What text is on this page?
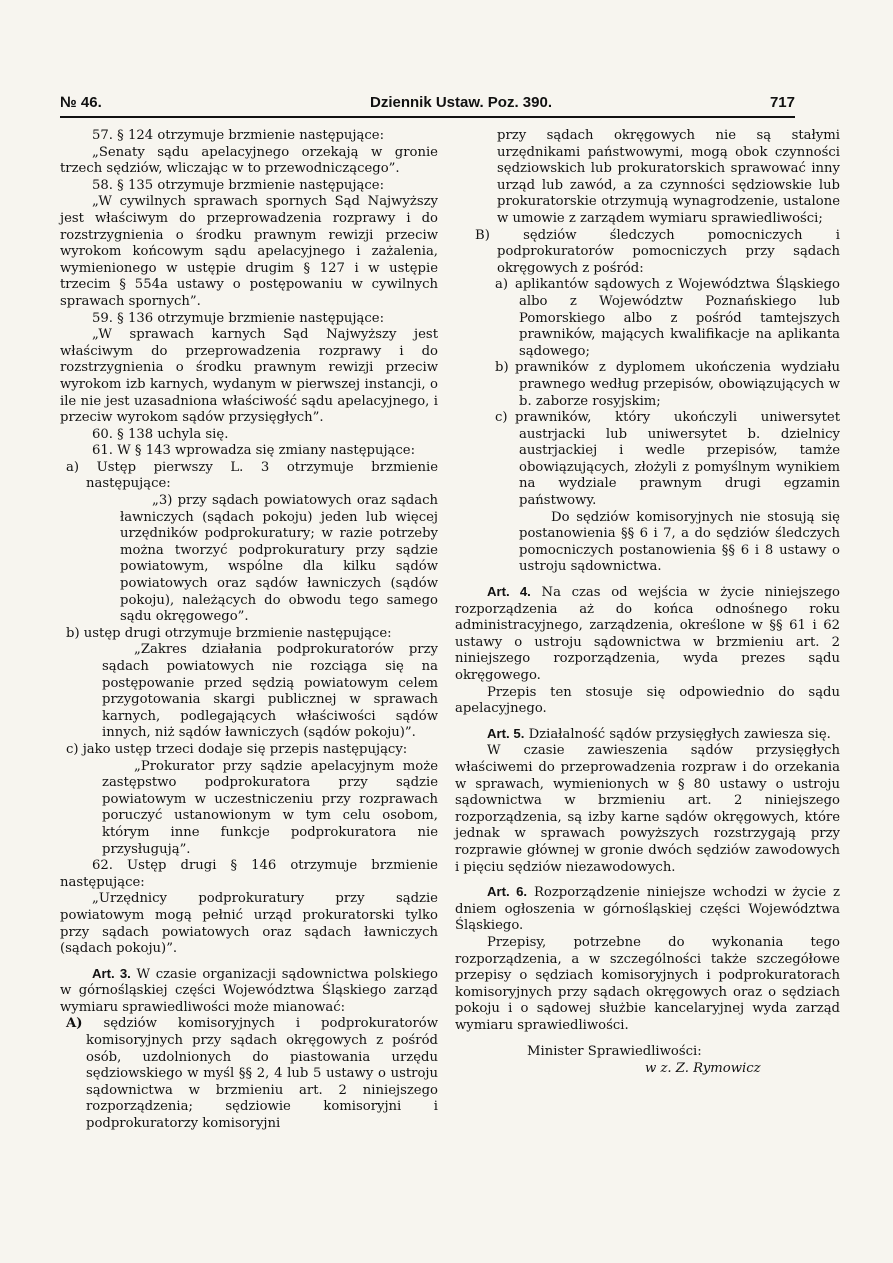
№ 46.	Dziennik Ustaw. Poz. 390.	717

57. § 124 otrzymuje brzmienie następujące:

„Senaty sądu apelacyjnego orzekają w gronie trzech sędziów, wliczając w to przewodniczącego”.

58. § 135 otrzymuje brzmienie następujące:

„W cywilnych sprawach spornych Sąd Najwyższy jest właściwym do przeprowadzenia rozprawy i do rozstrzygnienia o środku prawnym rewizji przeciw wyrokom końcowym sądu apelacyjnego i zażalenia, wymienionego w ustępie drugim § 127 i w ustępie trzecim § 554a ustawy o postępowaniu w cywilnych sprawach spornych”.

59. § 136 otrzymuje brzmienie następujące:

„W sprawach karnych Sąd Najwyższy jest właściwym do przeprowadzenia rozprawy i do rozstrzygnienia o środku prawnym rewizji przeciw wyrokom izb karnych, wydanym w pierwszej instancji, o ile nie jest uzasadniona właściwość sądu apelacyjnego, i przeciw wyrokom sądów przysięgłych”.

60. § 138 uchyla się.

61. W § 143 wprowadza się zmiany następujące:

a) Ustęp pierwszy L. 3 otrzymuje brzmienie następujące:

„3) przy sądach powiatowych oraz sądach ławniczych (sądach pokoju) jeden lub więcej urzędników podprokuratury; w razie potrzeby można tworzyć podprokuratury przy sądzie powiatowym, wspólne dla kilku sądów powiatowych oraz sądów ławniczych (sądów pokoju), należących do obwodu tego samego sądu okręgowego”.

b) ustęp drugi otrzymuje brzmienie następujące:

„Zakres działania podprokuratorów przy sądach powiatowych nie rozciąga się na postępowanie przed sędzią powiatowym celem przygotowania skargi publicznej w sprawach karnych, podlegających właściwości sądów innych, niż sądów ławniczych (sądów pokoju)”.

c) jako ustęp trzeci dodaje się przepis następujący:

„Prokurator przy sądzie apelacyjnym może zastępstwo podprokuratora przy sądzie powiatowym w uczestniczeniu przy rozprawach poruczyć ustanowionym w tym celu osobom, którym inne funkcje podprokuratora nie przysługują”.

62. Ustęp drugi § 146 otrzymuje brzmienie następujące:

„Urzędnicy podprokuratury przy sądzie powiatowym mogą pełnić urząd prokuratorski tylko przy sądach powiatowych oraz sądach ławniczych (sądach pokoju)”.

Art. 3. W czasie organizacji sądownictwa polskiego w górnośląskiej części Województwa Śląskiego zarząd wymiaru sprawiedliwości może mianować:

A) sędziów komisoryjnych i podprokuratorów komisoryjnych przy sądach okręgowych z pośród osób, uzdolnionych do piastowania urzędu sędziowskiego w myśl §§ 2, 4 lub 5 ustawy o ustroju sądownictwa w brzmieniu art. 2 niniejszego rozporządzenia; sędziowie komisoryjni i podprokuratorzy komisoryjni

przy sądach okręgowych nie są stałymi urzędnikami państwowymi, mogą obok czynności sędziowskich lub prokuratorskich sprawować inny urząd lub zawód, a za czynności sędziowskie lub prokuratorskie otrzymują wynagrodzenie, ustalone w umowie z zarządem wymiaru sprawiedliwości;

B)	sędziów śledczych pomocniczych i podprokuratorów pomocniczych przy sądach okręgowych z pośród:

a) aplikantów sądowych z Województwa Śląskiego albo z Województw Poznańskiego lub Pomorskiego albo z pośród tamtejszych prawników, mających kwalifikacje na aplikanta sądowego;

b) prawników z dyplomem ukończenia wydziału prawnego według przepisów, obowiązujących w b. zaborze rosyjskim;

c) prawników, który ukończyli uniwersytet austrjacki lub uniwersytet b. dzielnicy austrjackiej i wedle przepisów, tamże obowiązujących, złożyli z pomyślnym wynikiem na wydziale prawnym drugi egzamin państwowy.

Do sędziów komisoryjnych nie stosują się postanowienia §§ 6 i 7, a do sędziów śledczych pomocniczych postanowienia §§ 6 i 8 ustawy o ustroju sądownictwa.

Art. 4. Na czas od wejścia w życie niniejszego rozporządzenia aż do końca odnośnego roku administracyjnego, zarządzenia, określone w §§ 61 i 62 ustawy o ustroju sądownictwa w brzmieniu art. 2 niniejszego rozporządzenia, wyda prezes sądu okręgowego.

Przepis ten stosuje się odpowiednio do sądu apelacyjnego.

Art. 5. Działalność sądów przysięgłych zawiesza się.

W czasie zawieszenia sądów przysięgłych właściwemi do przeprowadzenia rozpraw i do orzekania w sprawach, wymienionych w § 80 ustawy o ustroju sądownictwa w brzmieniu art. 2 niniejszego rozporządzenia, są izby karne sądów okręgowych, które jednak w sprawach powyższych rozstrzygają przy rozprawie głównej w gronie dwóch sędziów zawodowych i pięciu sędziów niezawodowych.

Art. 6. Rozporządzenie niniejsze wchodzi w życie z dniem ogłoszenia w górnośląskiej części Województwa Śląskiego.

Przepisy, potrzebne do wykonania tego rozporządzenia, a w szczególności także szczegółowe przepisy o sędziach komisoryjnych i podprokuratorach komisoryjnych przy sądach okręgowych oraz o sędziach pokoju i o sądowej służbie kancelaryjnej wyda zarząd wymiaru sprawiedliwości.

Minister Sprawiedliwości:

w z. Z. Rymowicz
